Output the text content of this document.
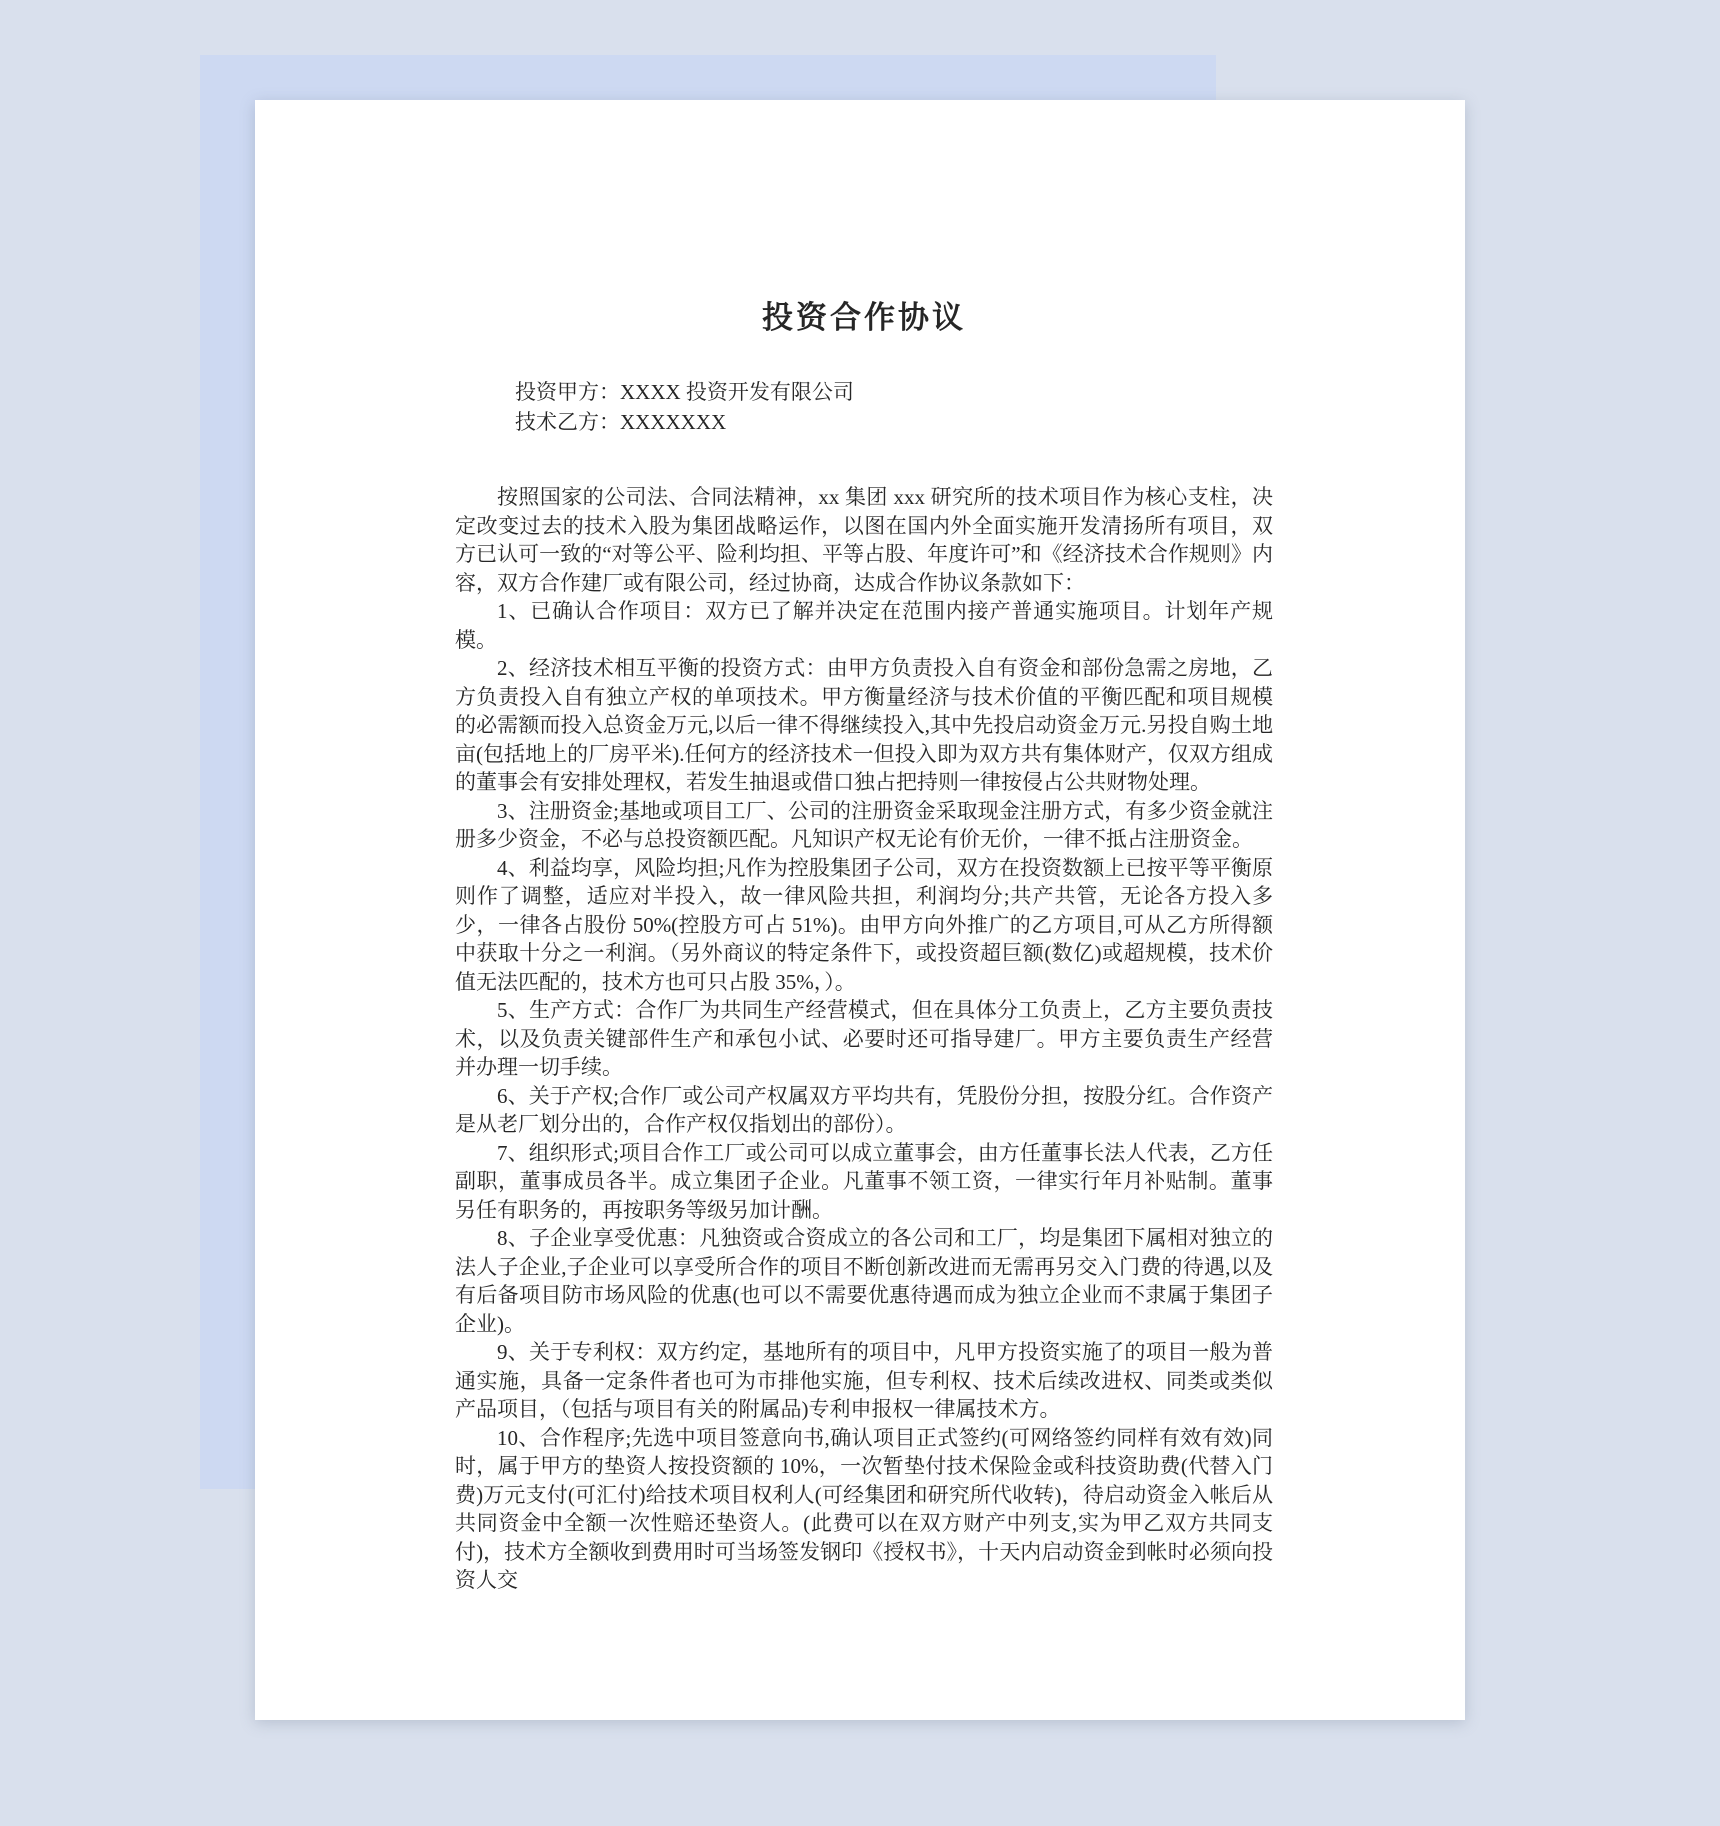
投资合作协议

投资甲方：XXXX 投资开发有限公司

技术乙方：XXXXXXX

按照国家的公司法、合同法精神，xx 集团 xxx 研究所的技术项目作为核心支柱，决定改变过去的技术入股为集团战略运作，以图在国内外全面实施开发清扬所有项目，双方已认可一致的“对等公平、险利均担、平等占股、年度许可”和《经济技术合作规则》内容，双方合作建厂或有限公司，经过协商，达成合作协议条款如下：

1、已确认合作项目：双方已了解并决定在范围内接产普通实施项目。计划年产规模。

2、经济技术相互平衡的投资方式：由甲方负责投入自有资金和部份急需之房地，乙方负责投入自有独立产权的单项技术。甲方衡量经济与技术价值的平衡匹配和项目规模的必需额而投入总资金万元,以后一律不得继续投入,其中先投启动资金万元.另投自购土地亩(包括地上的厂房平米).任何方的经济技术一但投入即为双方共有集体财产，仅双方组成的董事会有安排处理权，若发生抽退或借口独占把持则一律按侵占公共财物处理。

3、注册资金;基地或项目工厂、公司的注册资金采取现金注册方式，有多少资金就注册多少资金，不必与总投资额匹配。凡知识产权无论有价无价，一律不抵占注册资金。

4、利益均享，风险均担;凡作为控股集团子公司，双方在投资数额上已按平等平衡原则作了调整，适应对半投入，故一律风险共担，利润均分;共产共管，无论各方投入多少，一律各占股份 50%(控股方可占 51%)。由甲方向外推广的乙方项目,可从乙方所得额中获取十分之一利润。（另外商议的特定条件下，或投资超巨额(数亿)或超规模，技术价值无法匹配的，技术方也可只占股 35%，）。

5、生产方式：合作厂为共同生产经营模式，但在具体分工负责上，乙方主要负责技术，以及负责关键部件生产和承包小试、必要时还可指导建厂。甲方主要负责生产经营并办理一切手续。

6、关于产权;合作厂或公司产权属双方平均共有，凭股份分担，按股分红。合作资产是从老厂划分出的，合作产权仅指划出的部份）。

7、组织形式;项目合作工厂或公司可以成立董事会，由方任董事长法人代表，乙方任副职，董事成员各半。成立集团子企业。凡董事不领工资，一律实行年月补贴制。董事另任有职务的，再按职务等级另加计酬。

8、子企业享受优惠：凡独资或合资成立的各公司和工厂，均是集团下属相对独立的法人子企业,子企业可以享受所合作的项目不断创新改进而无需再另交入门费的待遇,以及有后备项目防市场风险的优惠(也可以不需要优惠待遇而成为独立企业而不隶属于集团子企业)。

9、关于专利权：双方约定，基地所有的项目中，凡甲方投资实施了的项目一般为普通实施，具备一定条件者也可为市排他实施，但专利权、技术后续改进权、同类或类似产品项目，（包括与项目有关的附属品)专利申报权一律属技术方。

10、合作程序;先选中项目签意向书,确认项目正式签约(可网络签约同样有效有效)同时，属于甲方的垫资人按投资额的 10%，一次暂垫付技术保险金或科技资助费(代替入门费)万元支付(可汇付)给技术项目权利人(可经集团和研究所代收转)，待启动资金入帐后从共同资金中全额一次性赔还垫资人。(此费可以在双方财产中列支,实为甲乙双方共同支付)，技术方全额收到费用时可当场签发钢印《授权书》，十天内启动资金到帐时必须向投资人交
